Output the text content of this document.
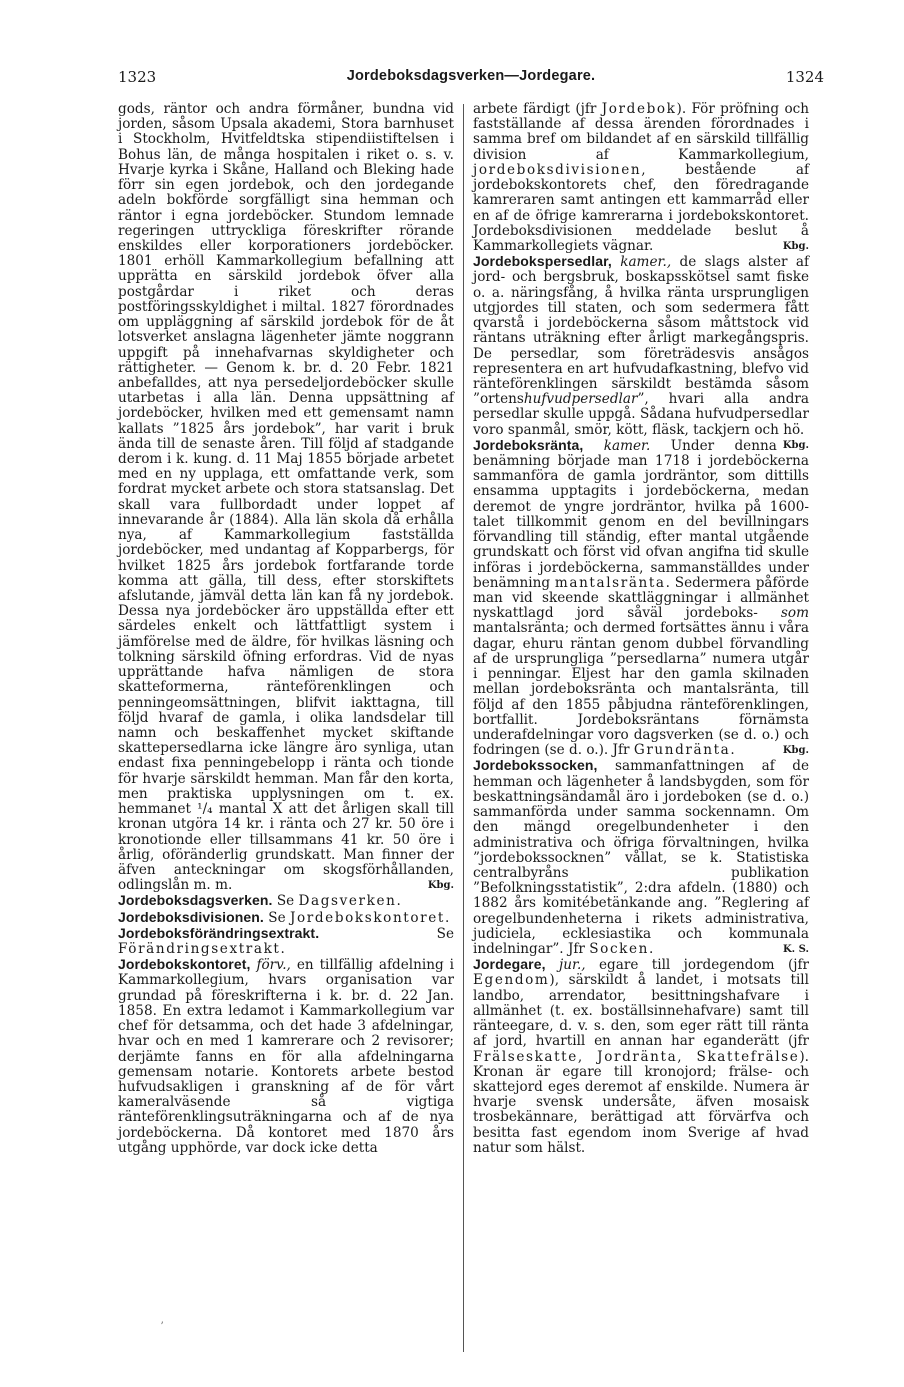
1323	Jordeboksdagsverken—Jordegare.	1324

gods, räntor och andra förmåner, bundna vid jorden, såsom Upsala akademi, Stora barnhuset i Stockholm, Hvitfeldtska stipendiistiftelsen i Bohus län, de många hospitalen i riket o. s. v. Hvarje kyrka i Skåne, Halland och Bleking hade förr sin egen jordebok, och den jordegande adeln bokförde sorgfälligt sina hemman och räntor i egna jordeböcker. Stundom lemnade regeringen uttryckliga föreskrifter rörande enskildes eller korporationers jordeböcker. 1801 erhöll Kammarkollegium befallning att upprätta en särskild jordebok öfver alla postgårdar i riket och deras postföringsskyldighet i miltal. 1827 förordnades om uppläggning af särskild jordebok för de åt lotsverket anslagna lägenheter jämte noggrann uppgift på innehafvarnas skyldigheter och rättigheter. — Genom k. br. d. 20 Febr. 1821 anbefalldes, att nya persedeljordeböcker skulle utarbetas i alla län. Denna uppsättning af jordeböcker, hvilken med ett gemensamt namn kallats ”1825 års jordebok”, har varit i bruk ända till de senaste åren. Till följd af stadgande derom i k. kung. d. 11 Maj 1855 började arbetet med en ny upplaga, ett omfattande verk, som fordrat mycket arbete och stora statsanslag. Det skall vara fullbordadt under loppet af innevarande år (1884). Alla län skola då erhålla nya, af Kammarkollegium fastställda jordeböcker, med undantag af Kopparbergs, för hvilket 1825 års jordebok fortfarande torde komma att gälla, till dess, efter storskiftets afslutande, jämväl detta län kan få ny jordebok. Dessa nya jordeböcker äro uppställda efter ett särdeles enkelt och lättfattligt system i jämförelse med de äldre, för hvilkas läsning och tolkning särskild öfning erfordras. Vid de nyas upprättande hafva nämligen de stora skatteformerna, ränteförenklingen och penningeomsättningen, blifvit iakttagna, till följd hvaraf de gamla, i olika landsdelar till namn och beskaffenhet mycket skiftande skattepersedlarna icke längre äro synliga, utan endast fixa penningebelopp i ränta och tionde för hvarje särskildt hemman. Man får den korta, men praktiska upplysningen om t. ex. hemmanet ¹/₄ mantal X att det årligen skall till kronan utgöra 14 kr. i ränta och 27 kr. 50 öre i kronotionde eller tillsammans 41 kr. 50 öre i årlig, oföränderlig grundskatt. Man finner der äfven anteckningar om skogsförhållanden, odlingslån m. m.	Kbg.

Jordeboksdagsverken. Se Dagsverken.

Jordeboksdivisionen. Se Jordebokskontoret.

Jordeboksförändringsextrakt.	Se Förändringsextrakt.

Jordebokskontoret, förv., en tillfällig afdelning i Kammarkollegium, hvars organisation var grundad på föreskrifterna i k. br. d. 22 Jan. 1858. En extra ledamot i Kammarkollegium var chef för detsamma, och det hade 3 afdelningar, hvar och en med 1 kamrerare och 2 revisorer; derjämte fanns en för alla afdelningarna gemensam notarie. Kontorets arbete bestod hufvudsakligen i granskning af de för vårt kameralväsende så vigtiga ränteförenklingsuträkningarna och af de nya jordeböckerna. Då kontoret med 1870 års utgång upphörde, var dock icke detta

arbete färdigt (jfr Jordebok). För pröfning och fastställande af dessa ärenden förordnades i samma bref om bildandet af en särskild tillfällig division af Kammarkollegium, jordeboksdivisionen, bestående af jordebokskontorets chef, den föredragande kamreraren samt antingen ett kammarråd eller en af de öfrige kamrerarna i jordebokskontoret. Jordeboksdivisionen meddelade beslut å Kammarkollegiets vägnar.	Kbg.

Jordebokspersedlar, kamer., de slags alster af jord- och bergsbruk, boskapsskötsel samt fiske o. a. näringsfång, å hvilka ränta ursprungligen utgjordes till staten, och som sedermera fått qvarstå i jordeböckerna såsom måttstock vid räntans uträkning efter årligt markegångspris. De persedlar, som företrädesvis ansågos representera en art hufvudafkastning, blefvo vid ränteförenklingen särskildt bestämda såsom ”ortenshufvudpersedlar”, hvari alla andra persedlar skulle uppgå. Sådana hufvudpersedlar voro spanmål, smör, kött, fläsk, tackjern och hö.
Kbg.

Jordeboksränta, kamer. Under denna benämning började man 1718 i jordeböckerna sammanföra de gamla jordräntor, som dittills ensamma upptagits i jordeböckerna, medan deremot de yngre jordräntor, hvilka på 1600-talet tillkommit genom en del bevillningars förvandling till ständig, efter mantal utgående grundskatt och först vid ofvan angifna tid skulle införas i jordeböckerna, sammanställdes under benämning mantalsränta. Sedermera påförde man vid skeende skattläggningar i allmänhet nyskattlagd jord såväl jordeboks- som mantalsränta; och dermed fortsättes ännu i våra dagar, ehuru räntan genom dubbel förvandling af de ursprungliga ”persedlarna” numera utgår i penningar. Eljest har den gamla skilnaden mellan jordeboksränta och mantalsränta, till följd af den 1855 påbjudna ränteförenklingen, bortfallit. Jordeboksräntans förnämsta underafdelningar voro dagsverken (se d. o.) och fodringen (se d. o.). Jfr Grundränta.	Kbg.

Jordebokssocken, sammanfattningen af de hemman och lägenheter å landsbygden, som för beskattningsändamål äro i jordeboken (se d. o.) sammanförda under samma sockennamn. Om den mängd oregelbundenheter i den administrativa och öfriga förvaltningen, hvilka ”jordebokssocknen” vållat, se k. Statistiska centralbyråns publikation ”Befolkningsstatistik”, 2:dra afdeln. (1880) och 1882 års komitébetänkande ang. ”Reglering af oregelbundenheterna i rikets administrativa, judiciela, ecklesiastika och kommunala indelningar”. Jfr Socken.	K. S.

Jordegare, jur., egare till jordegendom (jfr Egendom), särskildt å landet, i motsats till landbo, arrendator, besittningshafvare i allmänhet (t. ex. boställsinnehafvare) samt till ränteegare, d. v. s. den, som eger rätt till ränta af jord, hvartill en annan har eganderätt (jfr Frälseskatte, Jordränta, Skattefrälse). Kronan är egare till kronojord; frälse- och skattejord eges deremot af enskilde. Numera är hvarje svensk undersåte, äfven mosaisk trosbekännare, berättigad att förvärfva och besitta fast egendom inom Sverige af hvad natur som hälst.

ʼ
